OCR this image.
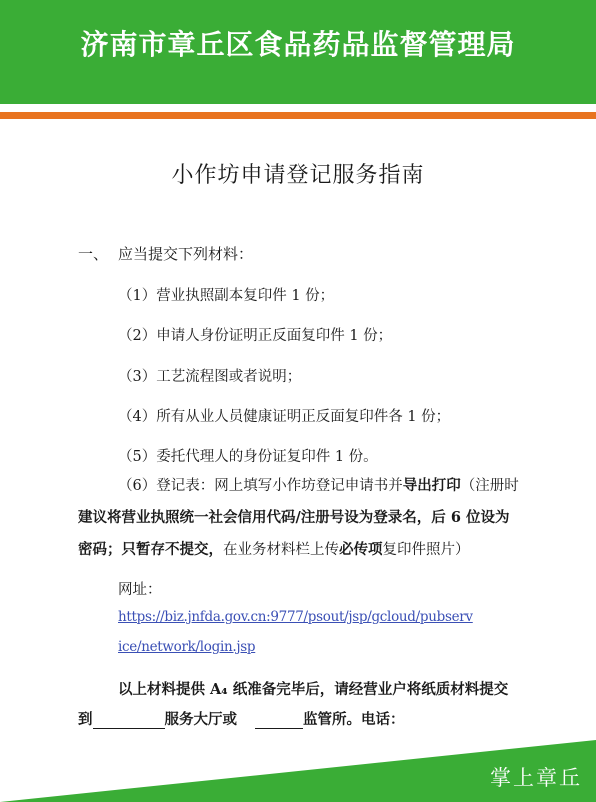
济南市章丘区食品药品监督管理局
小作坊申请登记服务指南
一、 应当提交下列材料：
（1）营业执照副本复印件 1 份；
（2）申请人身份证明正反面复印件 1 份；
（3）工艺流程图或者说明；
（4）所有从业人员健康证明正反面复印件各 1 份；
（5）委托代理人的身份证复印件 1 份。
（6）登记表：网上填写小作坊登记申请书并导出打印（注册时
建议将营业执照统一社会信用代码/注册号设为登录名，后 6 位设为
密码；只暂存不提交，在业务材料栏上传必传项复印件照片）
网址：
https://biz.jnfda.gov.cn:9777/psout/jsp/gcloud/pubserv
ice/network/login.jsp
以上材料提供 A₄ 纸准备完毕后，请经营业户将纸质材料提交
到	服务大厅或	监管所。电话：
掌上章丘
